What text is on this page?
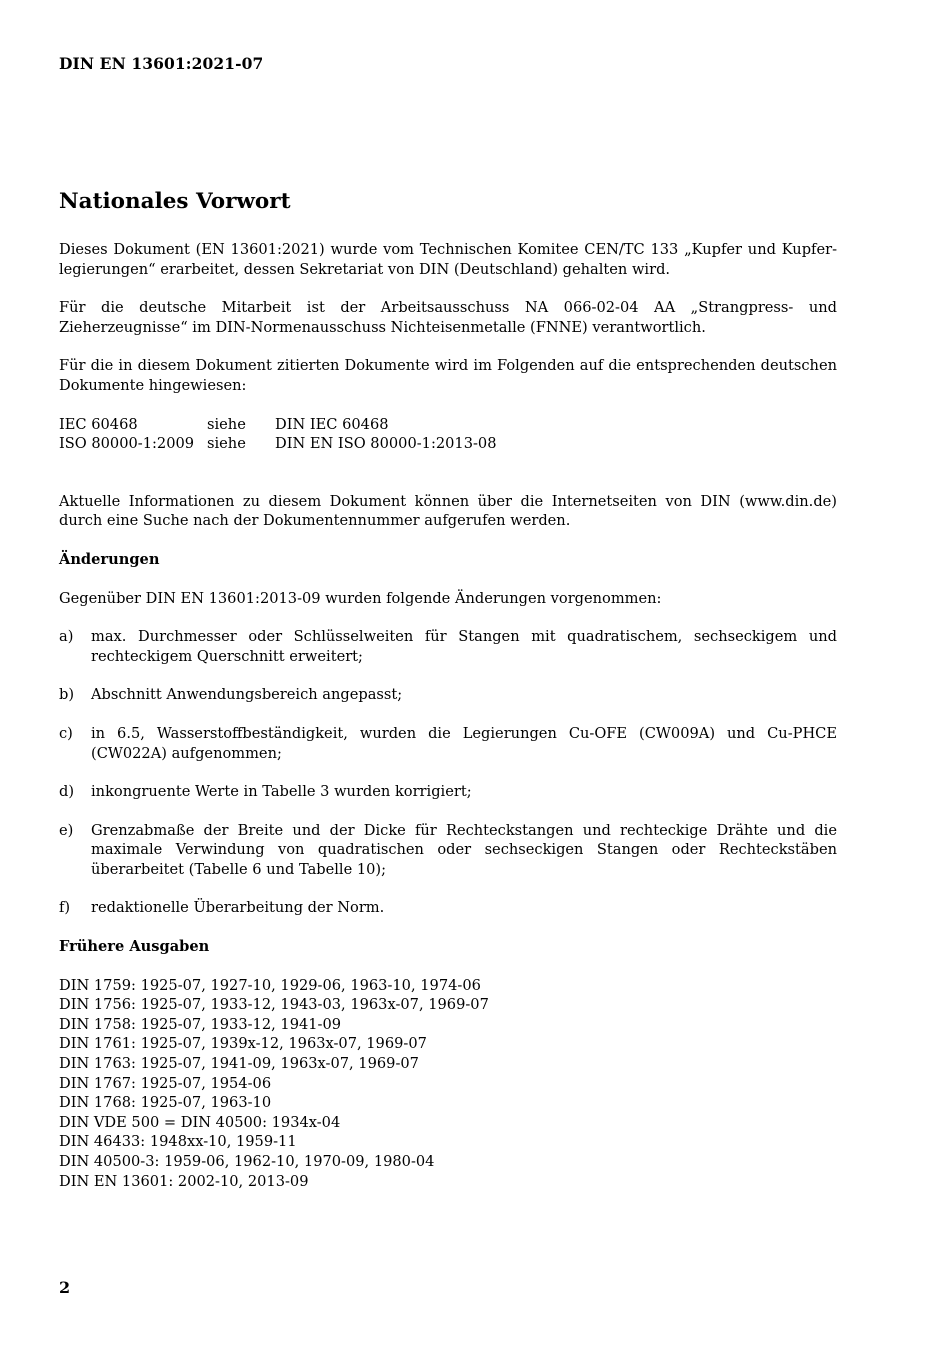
DIN EN 13601:2021-07
Nationales Vorwort

Dieses Dokument (EN 13601:2021) wurde vom Technischen Komitee CEN/TC 133 „Kupfer und Kupferlegierungen“ erarbeitet, dessen Sekretariat von DIN (Deutschland) gehalten wird.

Für die deutsche Mitarbeit ist der Arbeitsausschuss NA 066-02-04 AA „Strangpress- und Zieherzeugnisse“ im DIN-Normenausschuss Nichteisenmetalle (FNNE) verantwortlich.

Für die in diesem Dokument zitierten Dokumente wird im Folgenden auf die entsprechenden deutschen Dokumente hingewiesen:

IEC 60468	siehe	DIN IEC 60468
ISO 80000-1:2009	siehe	DIN EN ISO 80000-1:2013-08

Aktuelle Informationen zu diesem Dokument können über die Internetseiten von DIN (www.din.de) durch eine Suche nach der Dokumentennummer aufgerufen werden.

Änderungen

Gegenüber DIN EN 13601:2013-09 wurden folgende Änderungen vorgenommen:

a) max. Durchmesser oder Schlüsselweiten für Stangen mit quadratischem, sechseckigem und rechteckigem Querschnitt erweitert;
b) Abschnitt Anwendungsbereich angepasst;
c) in 6.5, Wasserstoffbeständigkeit, wurden die Legierungen Cu-OFE (CW009A) und Cu-PHCE (CW022A) aufgenommen;
d) inkongruente Werte in Tabelle 3 wurden korrigiert;
e) Grenzabmaße der Breite und der Dicke für Rechteckstangen und rechteckige Drähte und die maximale Verwindung von quadratischen oder sechseckigen Stangen oder Rechteckstäben überarbeitet (Tabelle 6 und Tabelle 10);
f) redaktionelle Überarbeitung der Norm.
Frühere Ausgaben
DIN 1759: 1925-07, 1927-10, 1929-06, 1963-10, 1974-06
DIN 1756: 1925-07, 1933-12, 1943-03, 1963x-07, 1969-07
DIN 1758: 1925-07, 1933-12, 1941-09
DIN 1761: 1925-07, 1939x-12, 1963x-07, 1969-07
DIN 1763: 1925-07, 1941-09, 1963x-07, 1969-07
DIN 1767: 1925-07, 1954-06
DIN 1768: 1925-07, 1963-10
DIN VDE 500 = DIN 40500: 1934x-04
DIN 46433: 1948xx-10, 1959-11
DIN 40500-3: 1959-06, 1962-10, 1970-09, 1980-04
DIN EN 13601: 2002-10, 2013-09
2
